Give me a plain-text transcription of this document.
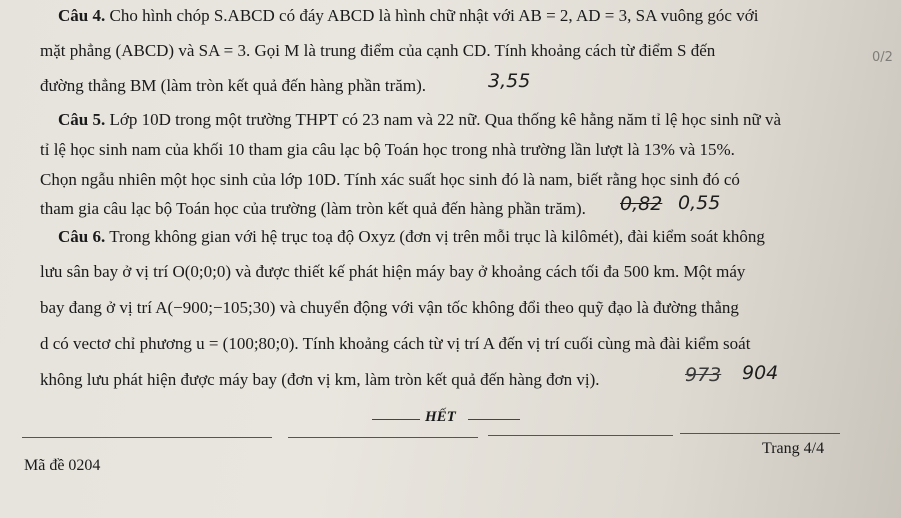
Câu 4. Cho hình chóp S.ABCD có đáy ABCD là hình chữ nhật với AB = 2, AD = 3, SA vuông góc với
mặt phẳng (ABCD) và SA = 3. Gọi M là trung điểm của cạnh CD. Tính khoảng cách từ điểm S đến	0/2
đường thẳng BM (làm tròn kết quả đến hàng phần trăm).	3,55
Câu 5. Lớp 10D trong một trường THPT có 23 nam và 22 nữ. Qua thống kê hằng năm tỉ lệ học sinh nữ và
tỉ lệ học sinh nam của khối 10 tham gia câu lạc bộ Toán học trong nhà trường lần lượt là 13% và 15%.
Chọn ngẫu nhiên một học sinh của lớp 10D. Tính xác suất học sinh đó là nam, biết rằng học sinh đó có
tham gia câu lạc bộ Toán học của trường (làm tròn kết quả đến hàng phần trăm). 0,82 0,55
Câu 6. Trong không gian với hệ trục toạ độ Oxyz (đơn vị trên mỗi trục là kilômét), đài kiểm soát không
lưu sân bay ở vị trí O(0;0;0) và được thiết kế phát hiện máy bay ở khoảng cách tối đa 500 km. Một máy
bay đang ở vị trí A(−900;−105;30) và chuyển động với vận tốc không đổi theo quỹ đạo là đường thẳng
d có vectơ chỉ phương u = (100;80;0). Tính khoảng cách từ vị trí A đến vị trí cuối cùng mà đài kiểm soát
không lưu phát hiện được máy bay (đơn vị km, làm tròn kết quả đến hàng đơn vị).	973 904
HẾT
Mã đề 0204
Trang 4/4
